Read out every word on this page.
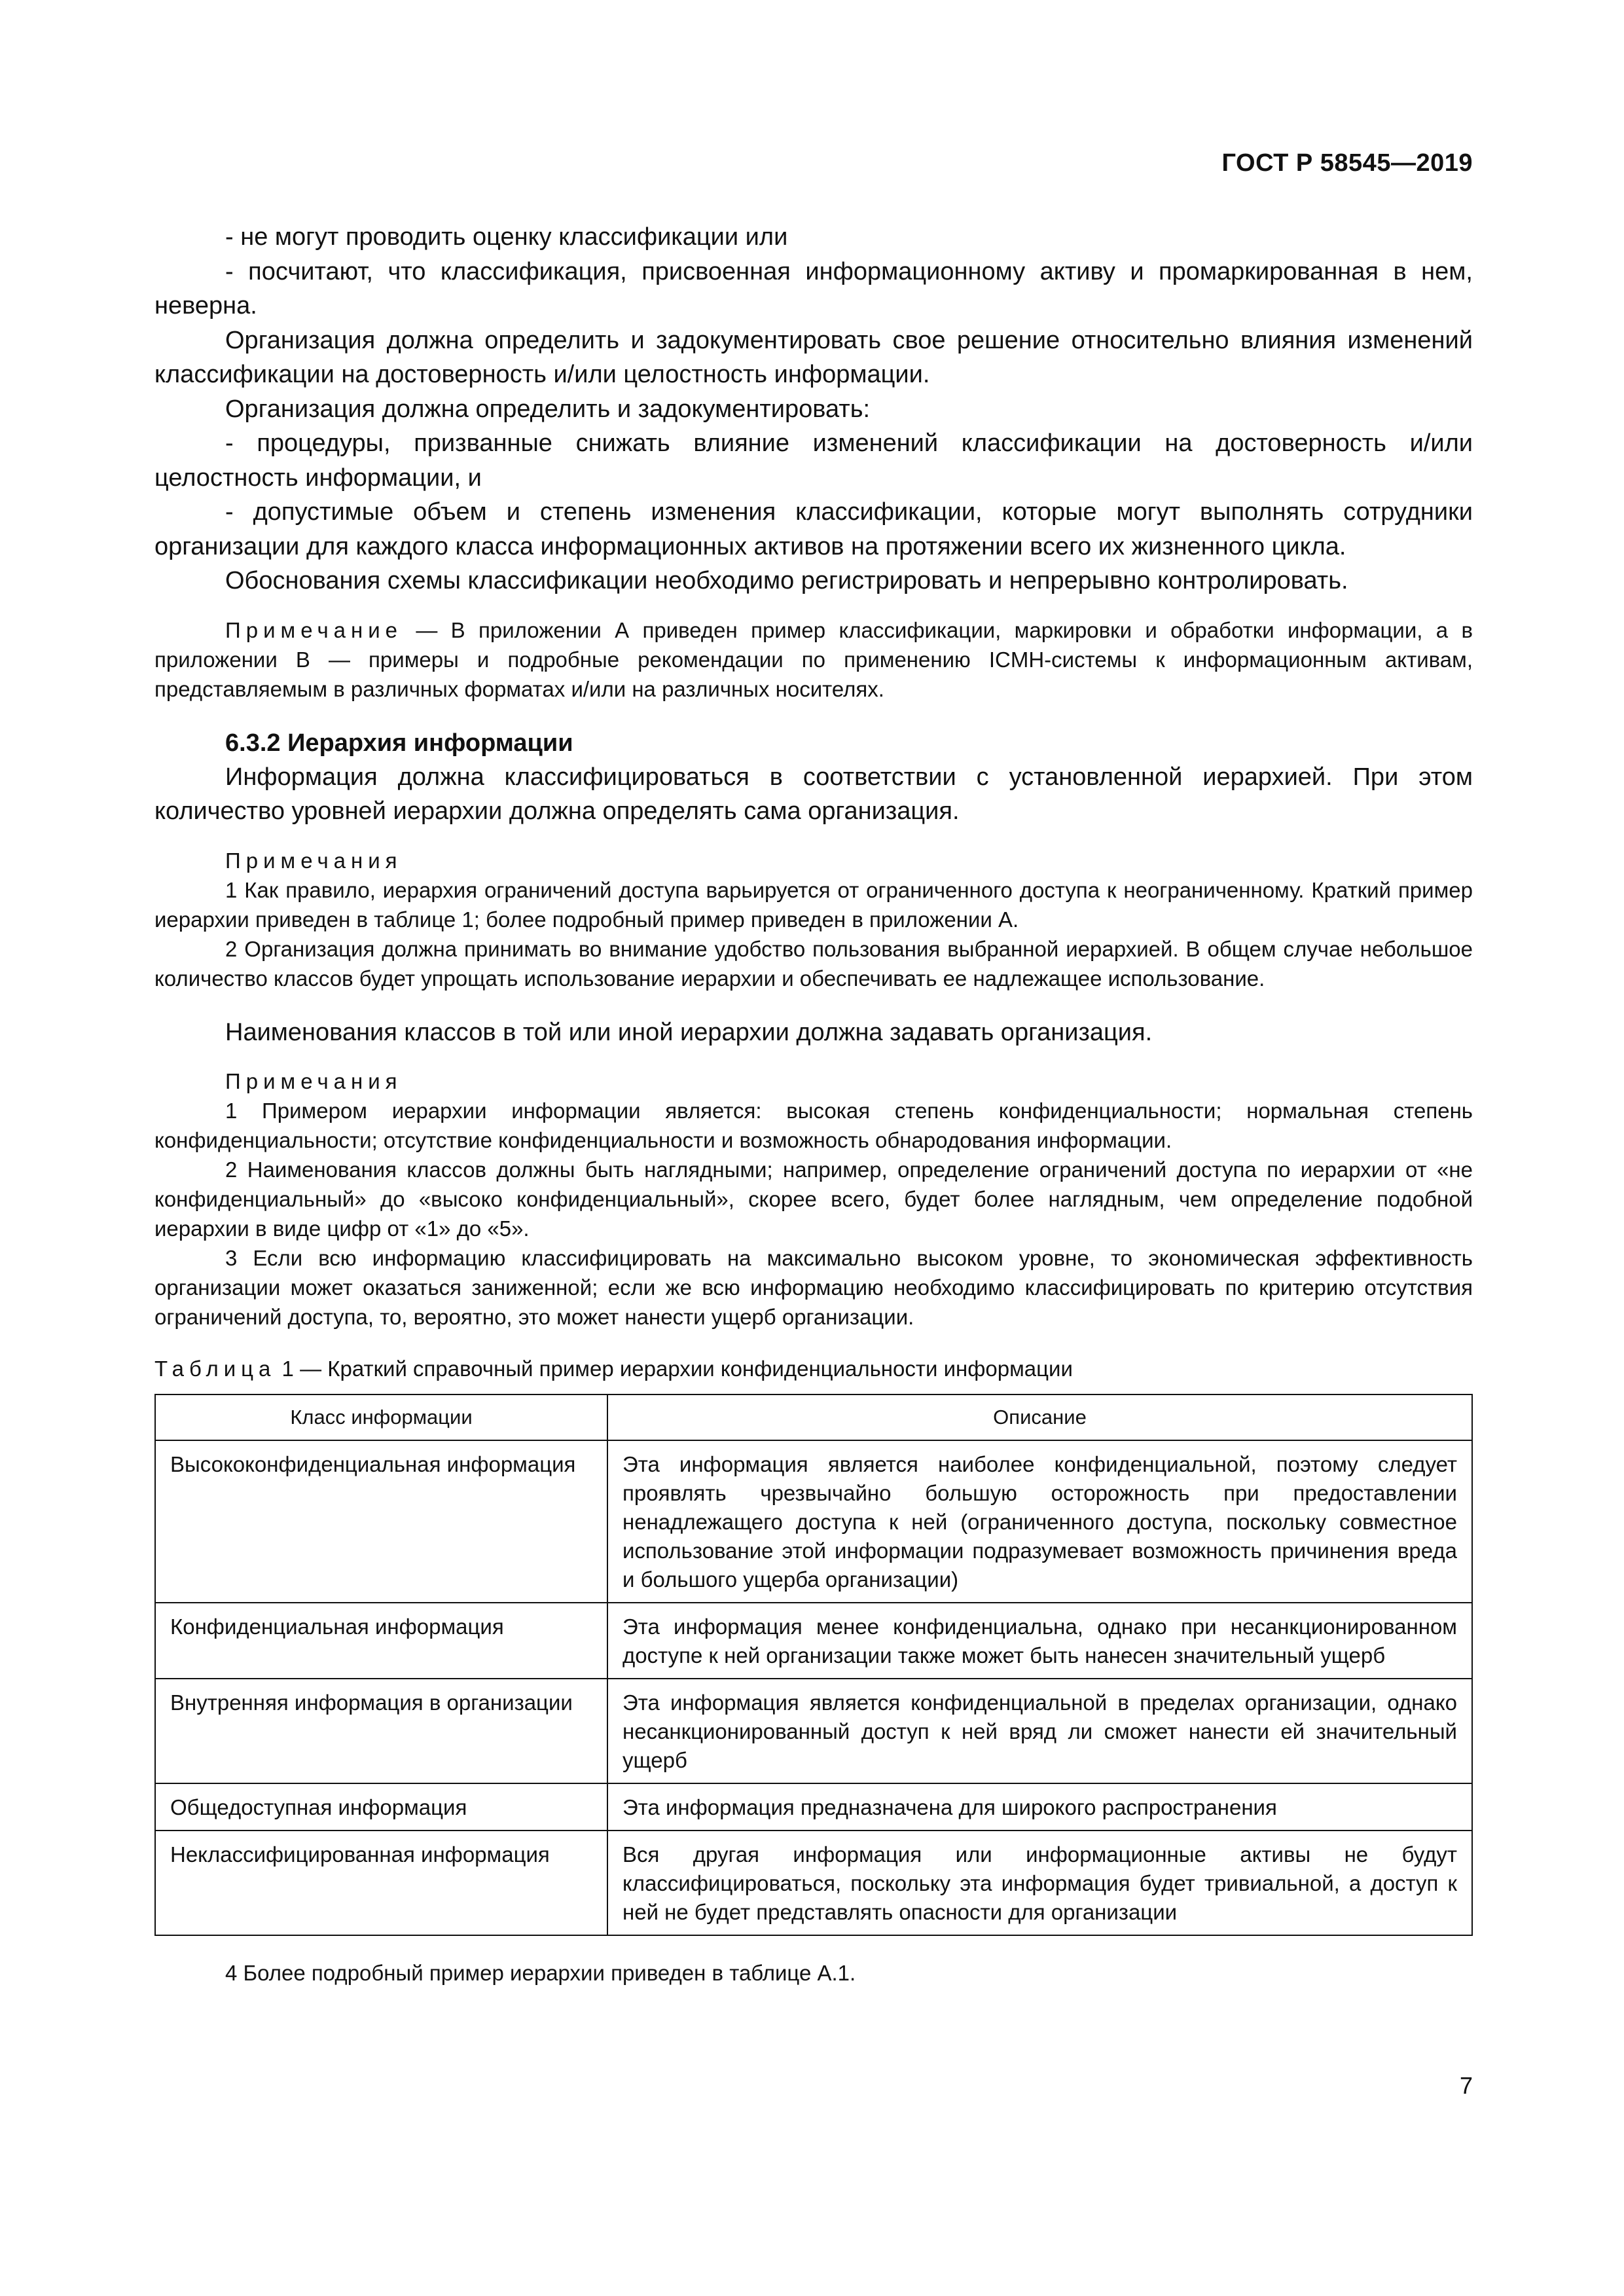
ГОСТ Р 58545—2019

- не могут проводить оценку классификации или

- посчитают, что классификация, присвоенная информационному активу и промаркированная в нем, неверна.

Организация должна определить и задокументировать свое решение относительно влияния изменений классификации на достоверность и/или целостность информации.

Организация должна определить и задокументировать:

- процедуры, призванные снижать влияние изменений классификации на достоверность и/или целостность информации, и

- допустимые объем и степень изменения классификации, которые могут выполнять сотрудники организации для каждого класса информационных активов на протяжении всего их жизненного цикла.

Обоснования схемы классификации необходимо регистрировать и непрерывно контролировать.

Примечание — В приложении А приведен пример классификации, маркировки и обработки информации, а в приложении В — примеры и подробные рекомендации по применению ICMH-системы к информационным активам, представляемым в различных форматах и/или на различных носителях.
6.3.2 Иерархия информации

Информация должна классифицироваться в соответствии с установленной иерархией. При этом количество уровней иерархии должна определять сама организация.

Примечания
1 Как правило, иерархия ограничений доступа варьируется от ограниченного доступа к неограниченному. Краткий пример иерархии приведен в таблице 1; более подробный пример приведен в приложении А.
2 Организация должна принимать во внимание удобство пользования выбранной иерархией. В общем случае небольшое количество классов будет упрощать использование иерархии и обеспечивать ее надлежащее использование.

Наименования классов в той или иной иерархии должна задавать организация.

Примечания
1 Примером иерархии информации является: высокая степень конфиденциальности; нормальная степень конфиденциальности; отсутствие конфиденциальности и возможность обнародования информации.
2 Наименования классов должны быть наглядными; например, определение ограничений доступа по иерархии от «не конфиденциальный» до «высоко конфиденциальный», скорее всего, будет более наглядным, чем определение подобной иерархии в виде цифр от «1» до «5».
3 Если всю информацию классифицировать на максимально высоком уровне, то экономическая эффективность организации может оказаться заниженной; если же всю информацию необходимо классифицировать по критерию отсутствия ограничений доступа, то, вероятно, это может нанести ущерб организации.
Таблица 1 — Краткий справочный пример иерархии конфиденциальности информации
Класс информации	Описание
Высококонфиденциальная информация	Эта информация является наиболее конфиденциальной, поэтому следует проявлять чрезвычайно большую осторожность при предоставлении ненадлежащего доступа к ней (ограниченного доступа, поскольку совместное использование этой информации подразумевает возможность причинения вреда и большого ущерба организации)
Конфиденциальная информация	Эта информация менее конфиденциальна, однако при несанкционированном доступе к ней организации также может быть нанесен значительный ущерб
Внутренняя информация в организации	Эта информация является конфиденциальной в пределах организации, однако несанкционированный доступ к ней вряд ли сможет нанести ей значительный ущерб
Общедоступная информация	Эта информация предназначена для широкого распространения
Неклассифицированная информация	Вся другая информация или информационные активы не будут классифицироваться, поскольку эта информация будет тривиальной, а доступ к ней не будет представлять опасности для организации
4 Более подробный пример иерархии приведен в таблице А.1.
7
